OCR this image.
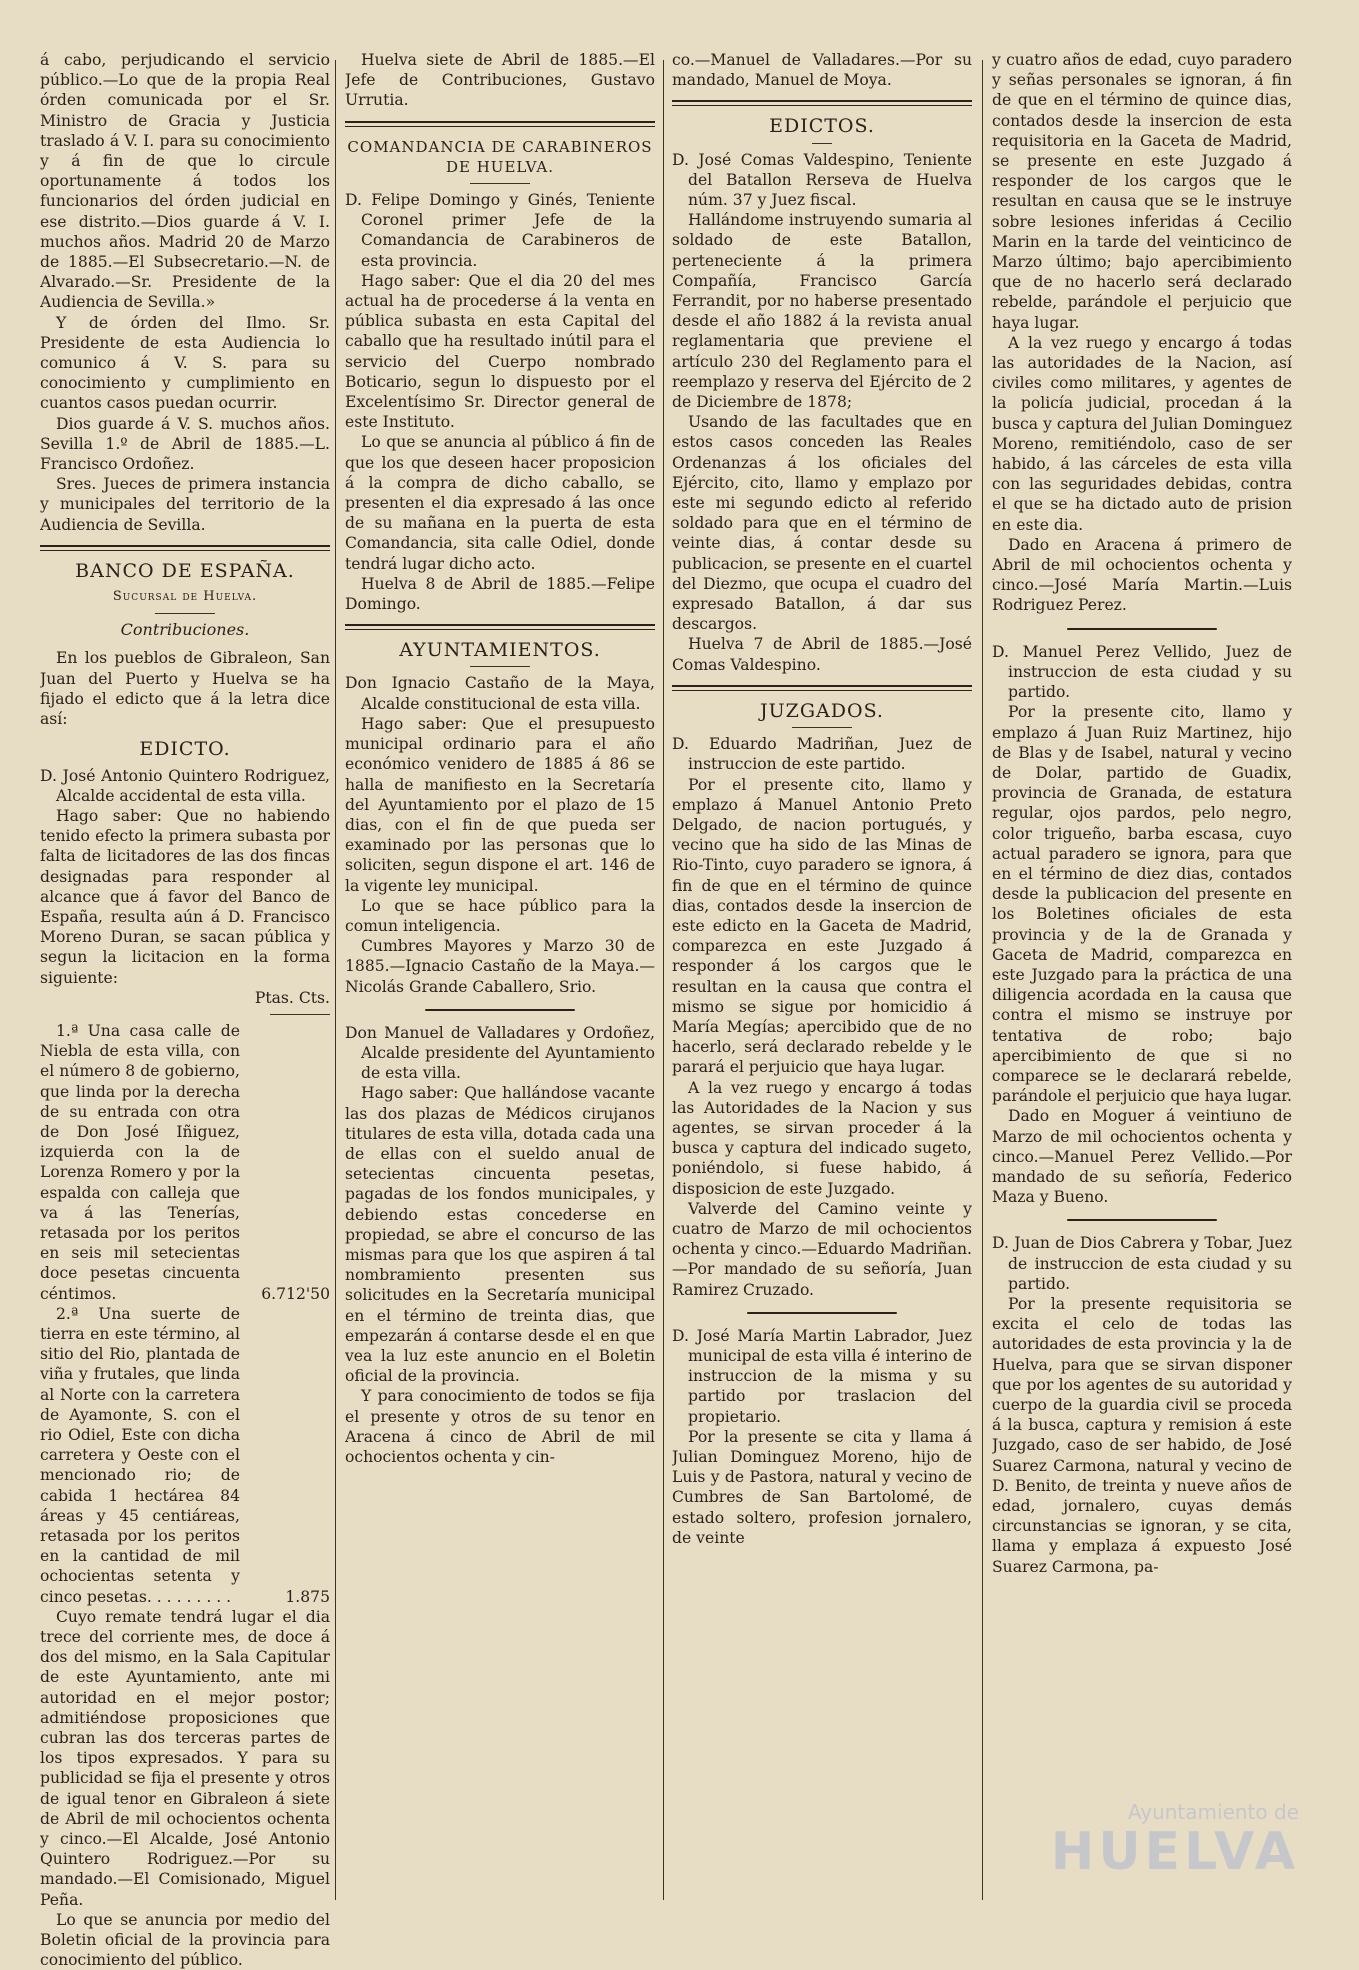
á cabo, perjudicando el servicio público.—Lo que de la propia Real órden comunicada por el Sr. Ministro de Gracia y Justicia traslado á V. I. para su conocimiento y á fin de que lo circule oportunamente á todos los funcionarios del órden judicial en ese distrito.—Dios guarde á V. I. muchos años. Madrid 20 de Marzo de 1885.—El Subsecretario.—N. de Alvarado.—Sr. Presidente de la Audiencia de Sevilla.»

Y de órden del Ilmo. Sr. Presidente de esta Audiencia lo comunico á V. S. para su conocimiento y cumplimiento en cuantos casos puedan ocurrir.

Dios guarde á V. S. muchos años. Sevilla 1.º de Abril de 1885.—L. Francisco Ordoñez.

Sres. Jueces de primera instancia y municipales del territorio de la Audiencia de Sevilla.

BANCO DE ESPAÑA.
Sucursal de Huelva.
Contribuciones.

En los pueblos de Gibraleon, San Juan del Puerto y Huelva se ha fijado el edicto que á la letra dice así:

EDICTO.

D. José Antonio Quintero Rodriguez, Alcalde accidental de esta villa.

Hago saber: Que no habiendo tenido efecto la primera subasta por falta de licitadores de las dos fincas designadas para responder al alcance que á favor del Banco de España, resulta aún á D. Francisco Moreno Duran, se sacan pública y segun la licitacion en la forma siguiente:

Ptas. Cts.

1.ª Una casa calle de Niebla de esta villa, con el número 8 de gobierno, que linda por la derecha de su entrada con otra de Don José Iñiguez, izquierda con la de Lorenza Romero y por la espalda con calleja que va á las Tenerías, retasada por los peritos en seis mil setecientas doce pesetas cincuenta céntimos.	6.712'50

2.ª Una suerte de tierra en este término, al sitio del Rio, plantada de viña y frutales, que linda al Norte con la carretera de Ayamonte, S. con el rio Odiel, Este con dicha carretera y Oeste con el mencionado rio; de cabida 1 hectárea 84 áreas y 45 centiáreas, retasada por los peritos en la cantidad de mil ochocientas setenta y cinco pesetas. . . . . . . . .	1.875

Cuyo remate tendrá lugar el dia trece del corriente mes, de doce á dos del mismo, en la Sala Capitular de este Ayuntamiento, ante mi autoridad en el mejor postor; admitiéndose proposiciones que cubran las dos terceras partes de los tipos expresados. Y para su publicidad se fija el presente y otros de igual tenor en Gibraleon á siete de Abril de mil ochocientos ochenta y cinco.—El Alcalde, José Antonio Quintero Rodriguez.—Por su mandado.—El Comisionado, Miguel Peña.

Lo que se anuncia por medio del Boletin oficial de la provincia para conocimiento del público.

Huelva siete de Abril de 1885.—El Jefe de Contribuciones, Gustavo Urrutia.

COMANDANCIA DE CARABINEROS DE HUELVA.

D. Felipe Domingo y Ginés, Teniente Coronel primer Jefe de la Comandancia de Carabineros de esta provincia.

Hago saber: Que el dia 20 del mes actual ha de procederse á la venta en pública subasta en esta Capital del caballo que ha resultado inútil para el servicio del Cuerpo nombrado Boticario, segun lo dispuesto por el Excelentísimo Sr. Director general de este Instituto.

Lo que se anuncia al público á fin de que los que deseen hacer proposicion á la compra de dicho caballo, se presenten el dia expresado á las once de su mañana en la puerta de esta Comandancia, sita calle Odiel, donde tendrá lugar dicho acto.

Huelva 8 de Abril de 1885.—Felipe Domingo.

AYUNTAMIENTOS.

Don Ignacio Castaño de la Maya, Alcalde constitucional de esta villa.

Hago saber: Que el presupuesto municipal ordinario para el año económico venidero de 1885 á 86 se halla de manifiesto en la Secretaría del Ayuntamiento por el plazo de 15 dias, con el fin de que pueda ser examinado por las personas que lo soliciten, segun dispone el art. 146 de la vigente ley municipal.

Lo que se hace público para la comun inteligencia.

Cumbres Mayores y Marzo 30 de 1885.—Ignacio Castaño de la Maya.—Nicolás Grande Caballero, Srio.

Don Manuel de Valladares y Ordoñez, Alcalde presidente del Ayuntamiento de esta villa.

Hago saber: Que hallándose vacante las dos plazas de Médicos cirujanos titulares de esta villa, dotada cada una de ellas con el sueldo anual de setecientas cincuenta pesetas, pagadas de los fondos municipales, y debiendo estas concederse en propiedad, se abre el concurso de las mismas para que los que aspiren á tal nombramiento presenten sus solicitudes en la Secretaría municipal en el término de treinta dias, que empezarán á contarse desde el en que vea la luz este anuncio en el Boletin oficial de la provincia.

Y para conocimiento de todos se fija el presente y otros de su tenor en Aracena á cinco de Abril de mil ochocientos ochenta y cin-

co.—Manuel de Valladares.—Por su mandado, Manuel de Moya.

EDICTOS.

D. José Comas Valdespino, Teniente del Batallon Rerseva de Huelva núm. 37 y Juez fiscal.

Hallándome instruyendo sumaria al soldado de este Batallon, perteneciente á la primera Compañía, Francisco García Ferrandit, por no haberse presentado desde el año 1882 á la revista anual reglamentaria que previene el artículo 230 del Reglamento para el reemplazo y reserva del Ejército de 2 de Diciembre de 1878;

Usando de las facultades que en estos casos conceden las Reales Ordenanzas á los oficiales del Ejército, cito, llamo y emplazo por este mi segundo edicto al referido soldado para que en el término de veinte dias, á contar desde su publicacion, se presente en el cuartel del Diezmo, que ocupa el cuadro del expresado Batallon, á dar sus descargos.

Huelva 7 de Abril de 1885.—José Comas Valdespino.

JUZGADOS.

D. Eduardo Madriñan, Juez de instruccion de este partido.

Por el presente cito, llamo y emplazo á Manuel Antonio Preto Delgado, de nacion portugués, y vecino que ha sido de las Minas de Rio-Tinto, cuyo paradero se ignora, á fin de que en el término de quince dias, contados desde la insercion de este edicto en la Gaceta de Madrid, comparezca en este Juzgado á responder á los cargos que le resultan en la causa que contra el mismo se sigue por homicidio á María Megías; apercibido que de no hacerlo, será declarado rebelde y le parará el perjuicio que haya lugar.

A la vez ruego y encargo á todas las Autoridades de la Nacion y sus agentes, se sirvan proceder á la busca y captura del indicado sugeto, poniéndolo, si fuese habido, á disposicion de este Juzgado.

Valverde del Camino veinte y cuatro de Marzo de mil ochocientos ochenta y cinco.—Eduardo Madriñan.—Por mandado de su señoría, Juan Ramirez Cruzado.

D. José María Martin Labrador, Juez municipal de esta villa é interino de instruccion de la misma y su partido por traslacion del propietario.

Por la presente se cita y llama á Julian Dominguez Moreno, hijo de Luis y de Pastora, natural y vecino de Cumbres de San Bartolomé, de estado soltero, profesion jornalero, de veinte

y cuatro años de edad, cuyo paradero y señas personales se ignoran, á fin de que en el término de quince dias, contados desde la insercion de esta requisitoria en la Gaceta de Madrid, se presente en este Juzgado á responder de los cargos que le resultan en causa que se le instruye sobre lesiones inferidas á Cecilio Marin en la tarde del veinticinco de Marzo último; bajo apercibimiento que de no hacerlo será declarado rebelde, parándole el perjuicio que haya lugar.

A la vez ruego y encargo á todas las autoridades de la Nacion, así civiles como militares, y agentes de la policía judicial, procedan á la busca y captura del Julian Dominguez Moreno, remitiéndolo, caso de ser habido, á las cárceles de esta villa con las seguridades debidas, contra el que se ha dictado auto de prision en este dia.

Dado en Aracena á primero de Abril de mil ochocientos ochenta y cinco.—José María Martin.—Luis Rodriguez Perez.

D. Manuel Perez Vellido, Juez de instruccion de esta ciudad y su partido.

Por la presente cito, llamo y emplazo á Juan Ruiz Martinez, hijo de Blas y de Isabel, natural y vecino de Dolar, partido de Guadix, provincia de Granada, de estatura regular, ojos pardos, pelo negro, color trigueño, barba escasa, cuyo actual paradero se ignora, para que en el término de diez dias, contados desde la publicacion del presente en los Boletines oficiales de esta provincia y de la de Granada y Gaceta de Madrid, comparezca en este Juzgado para la práctica de una diligencia acordada en la causa que contra el mismo se instruye por tentativa de robo; bajo apercibimiento de que si no comparece se le declarará rebelde, parándole el perjuicio que haya lugar.

Dado en Moguer á veintiuno de Marzo de mil ochocientos ochenta y cinco.—Manuel Perez Vellido.—Por mandado de su señoría, Federico Maza y Bueno.

D. Juan de Dios Cabrera y Tobar, Juez de instruccion de esta ciudad y su partido.

Por la presente requisitoria se excita el celo de todas las autoridades de esta provincia y la de Huelva, para que se sirvan disponer que por los agentes de su autoridad y cuerpo de la guardia civil se proceda á la busca, captura y remision á este Juzgado, caso de ser habido, de José Suarez Carmona, natural y vecino de D. Benito, de treinta y nueve años de edad, jornalero, cuyas demás circunstancias se ignoran, y se cita, llama y emplaza á expuesto José Suarez Carmona, pa-

Ayuntamiento de
HUELVA
